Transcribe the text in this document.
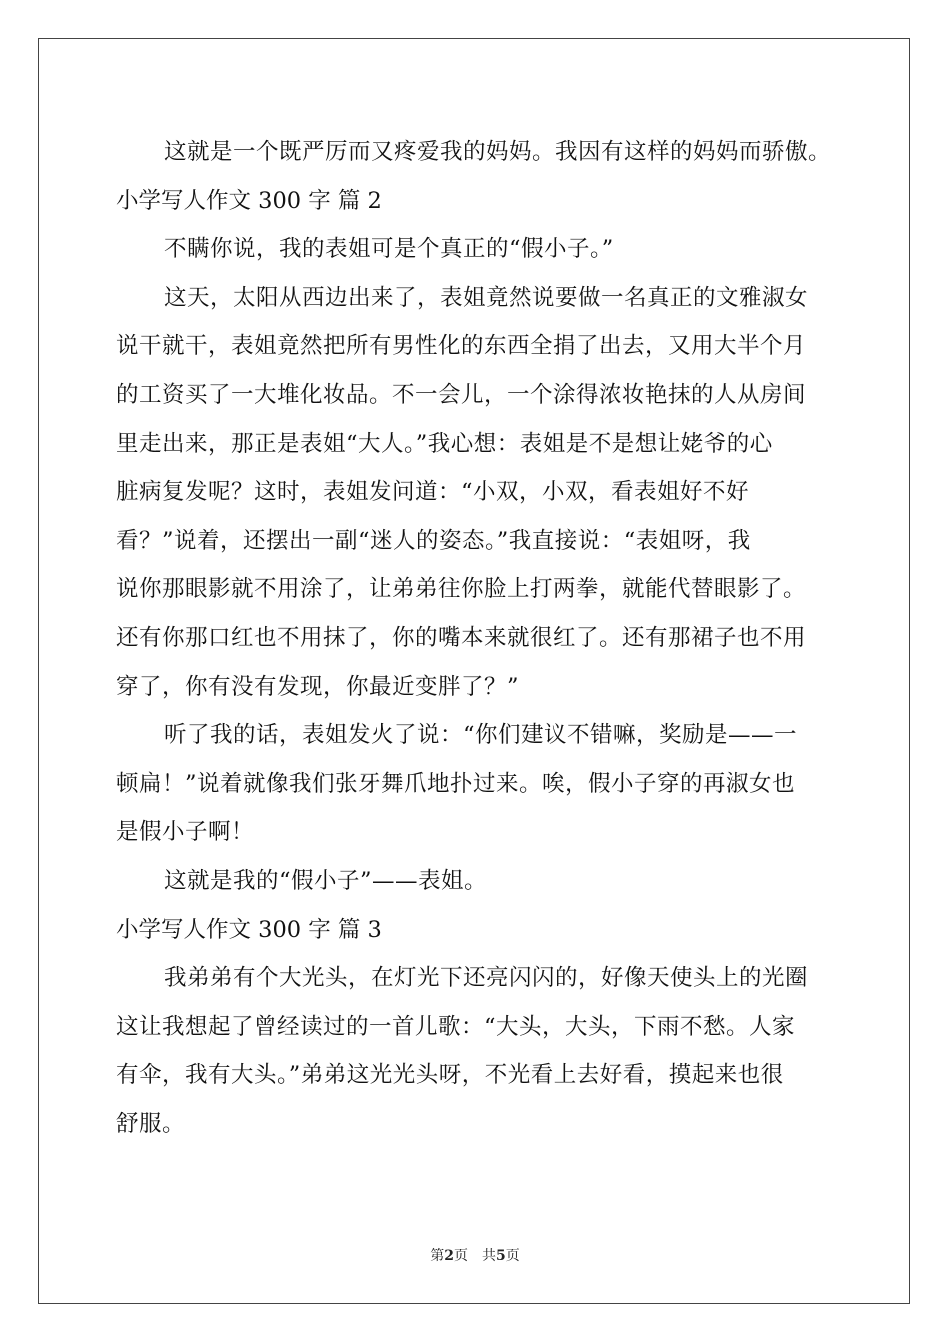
这就是一个既严厉而又疼爱我的妈妈。我因有这样的妈妈而骄傲。
小学写人作文 300 字 篇 2
不瞒你说，我的表姐可是个真正的“假小子。”
这天，太阳从西边出来了，表姐竟然说要做一名真正的文雅淑女
说干就干，表姐竟然把所有男性化的东西全捐了出去，又用大半个月
的工资买了一大堆化妆品。不一会儿，一个涂得浓妆艳抹的人从房间
里走出来，那正是表姐“大人。”我心想：表姐是不是想让姥爷的心
脏病复发呢？这时，表姐发问道：“小双，小双，看表姐好不好
看？”说着，还摆出一副“迷人的姿态。”我直接说：“表姐呀，我
说你那眼影就不用涂了，让弟弟往你脸上打两拳，就能代替眼影了。
还有你那口红也不用抹了，你的嘴本来就很红了。还有那裙子也不用
穿了，你有没有发现，你最近变胖了？”
听了我的话，表姐发火了说：“你们建议不错嘛，奖励是——一
顿扁！”说着就像我们张牙舞爪地扑过来。唉，假小子穿的再淑女也
是假小子啊！
这就是我的“假小子”——表姐。
小学写人作文 300 字 篇 3
我弟弟有个大光头，在灯光下还亮闪闪的，好像天使头上的光圈
这让我想起了曾经读过的一首儿歌：“大头，大头，下雨不愁。人家
有伞，我有大头。”弟弟这光光头呀，不光看上去好看，摸起来也很
舒服。
第2页 共5页
